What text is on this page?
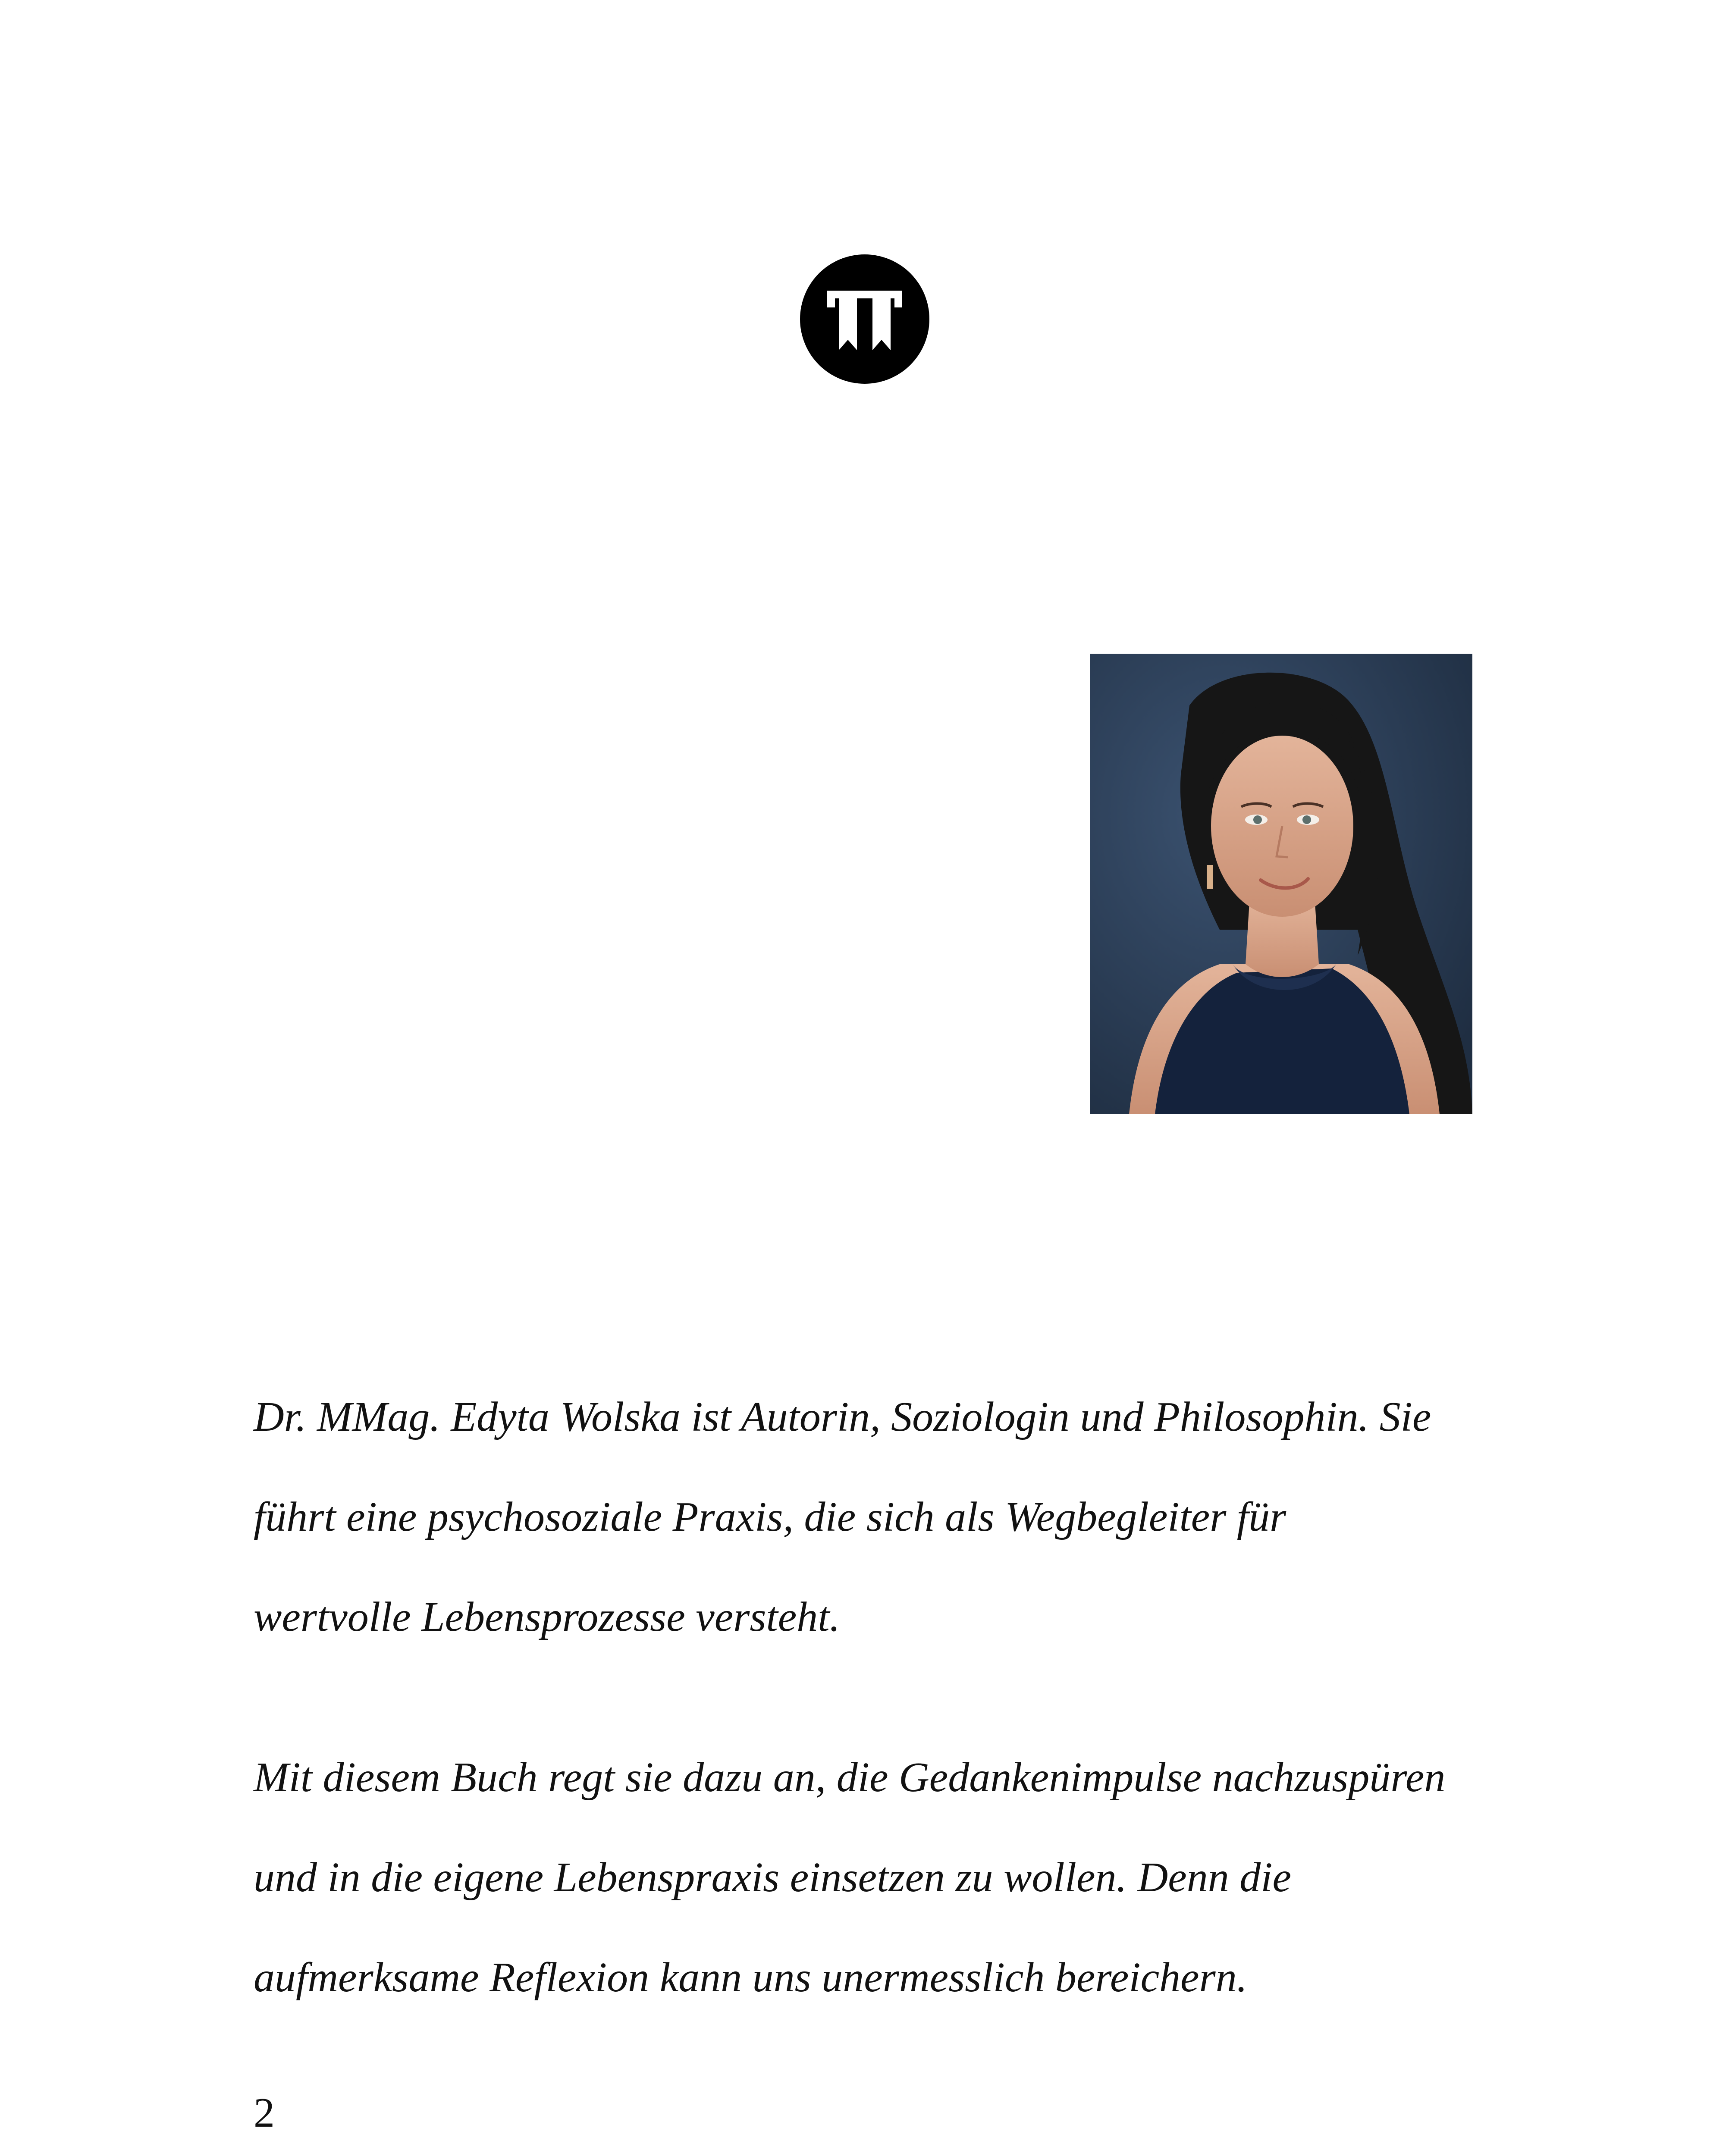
Dr. MMag. Edyta Wolska ist Autorin, Soziologin und Philosophin. Sie
führt eine psychosoziale Praxis, die sich als Wegbegleiter für
wertvolle Lebensprozesse versteht.

Mit diesem Buch regt sie dazu an, die Gedankenimpulse nachzuspüren
und in die eigene Lebenspraxis einsetzen zu wollen. Denn die
aufmerksame Reflexion kann uns unermesslich bereichern.

2
